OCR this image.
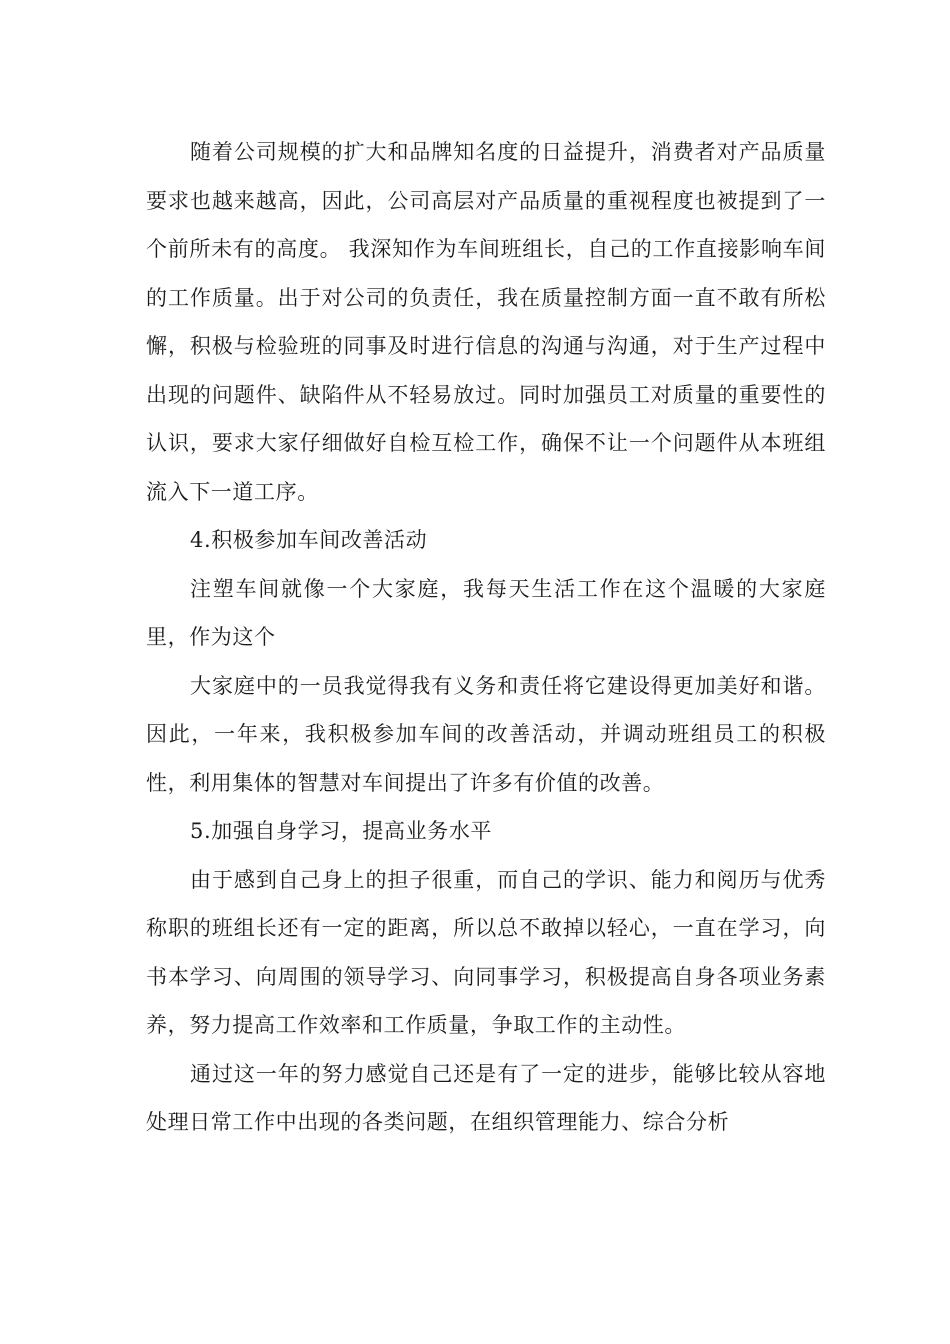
随着公司规模的扩大和品牌知名度的日益提升，消费者对产品质量要求也越来越高，因此，公司高层对产品质量的重视程度也被提到了一个前所未有的高度。 我深知作为车间班组长，自己的工作直接影响车间的工作质量。出于对公司的负责任，我在质量控制方面一直不敢有所松懈，积极与检验班的同事及时进行信息的沟通与沟通，对于生产过程中出现的问题件、缺陷件从不轻易放过。同时加强员工对质量的重要性的认识，要求大家仔细做好自检互检工作，确保不让一个问题件从本班组流入下一道工序。

4.积极参加车间改善活动

注塑车间就像一个大家庭，我每天生活工作在这个温暖的大家庭里，作为这个

大家庭中的一员我觉得我有义务和责任将它建设得更加美好和谐。因此，一年来，我积极参加车间的改善活动，并调动班组员工的积极性，利用集体的智慧对车间提出了许多有价值的改善。

5.加强自身学习，提高业务水平

由于感到自己身上的担子很重，而自己的学识、能力和阅历与优秀称职的班组长还有一定的距离，所以总不敢掉以轻心，一直在学习，向书本学习、向周围的领导学习、向同事学习，积极提高自身各项业务素养，努力提高工作效率和工作质量，争取工作的主动性。

通过这一年的努力感觉自己还是有了一定的进步，能够比较从容地处理日常工作中出现的各类问题，在组织管理能力、综合分析
